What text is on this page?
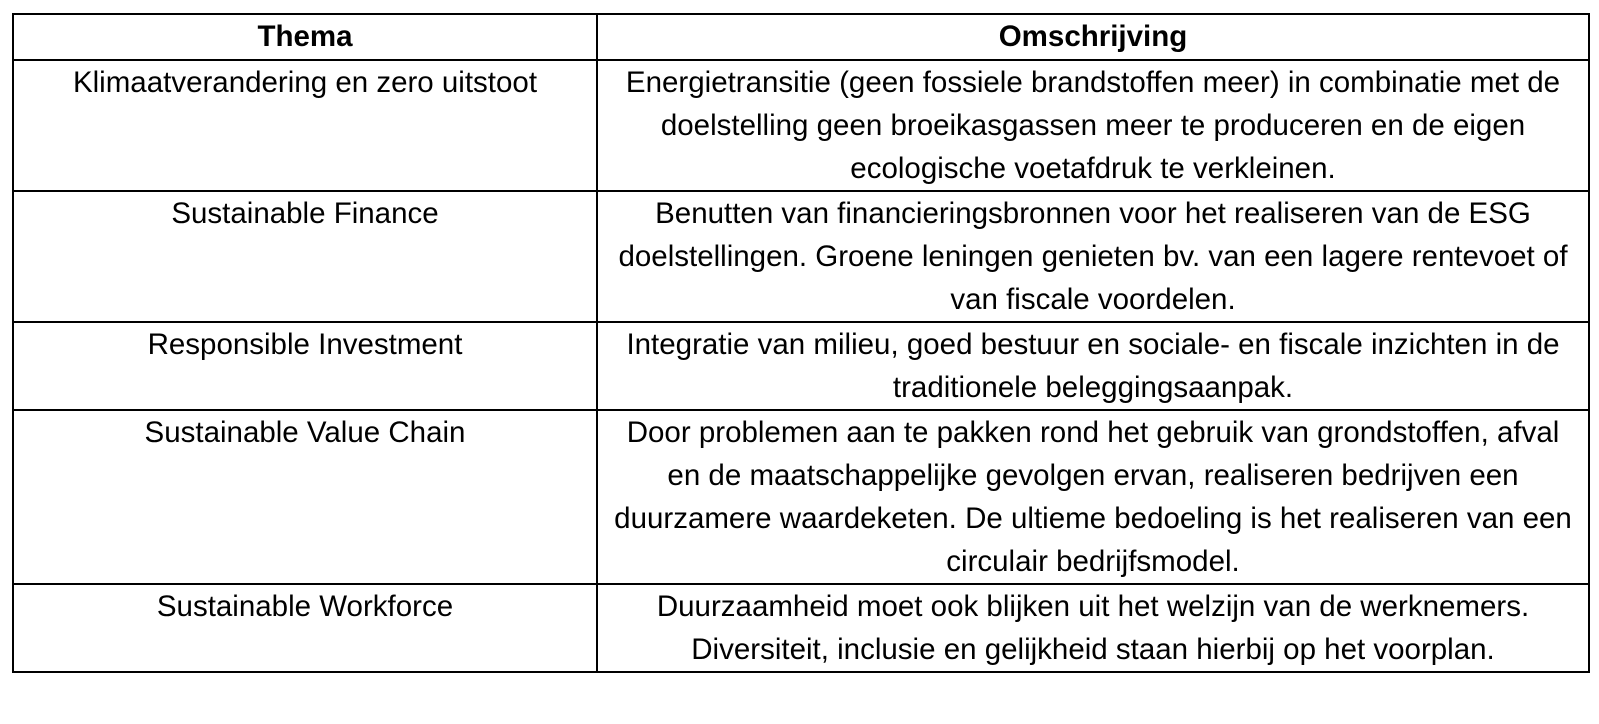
Thema	Omschrijving
Klimaatverandering en zero uitstoot	Energietransitie (geen fossiele brandstoffen meer) in combinatie met de doelstelling geen broeikasgassen meer te produceren en de eigen ecologische voetafdruk te verkleinen.
Sustainable Finance	Benutten van financieringsbronnen voor het realiseren van de ESG doelstellingen. Groene leningen genieten bv. van een lagere rentevoet of van fiscale voordelen.
Responsible Investment	Integratie van milieu, goed bestuur en sociale- en fiscale inzichten in de traditionele beleggingsaanpak.
Sustainable Value Chain	Door problemen aan te pakken rond het gebruik van grondstoffen, afval en de maatschappelijke gevolgen ervan, realiseren bedrijven een duurzamere waardeketen. De ultieme bedoeling is het realiseren van een circulair bedrijfsmodel.
Sustainable Workforce	Duurzaamheid moet ook blijken uit het welzijn van de werknemers. Diversiteit, inclusie en gelijkheid staan hierbij op het voorplan.
